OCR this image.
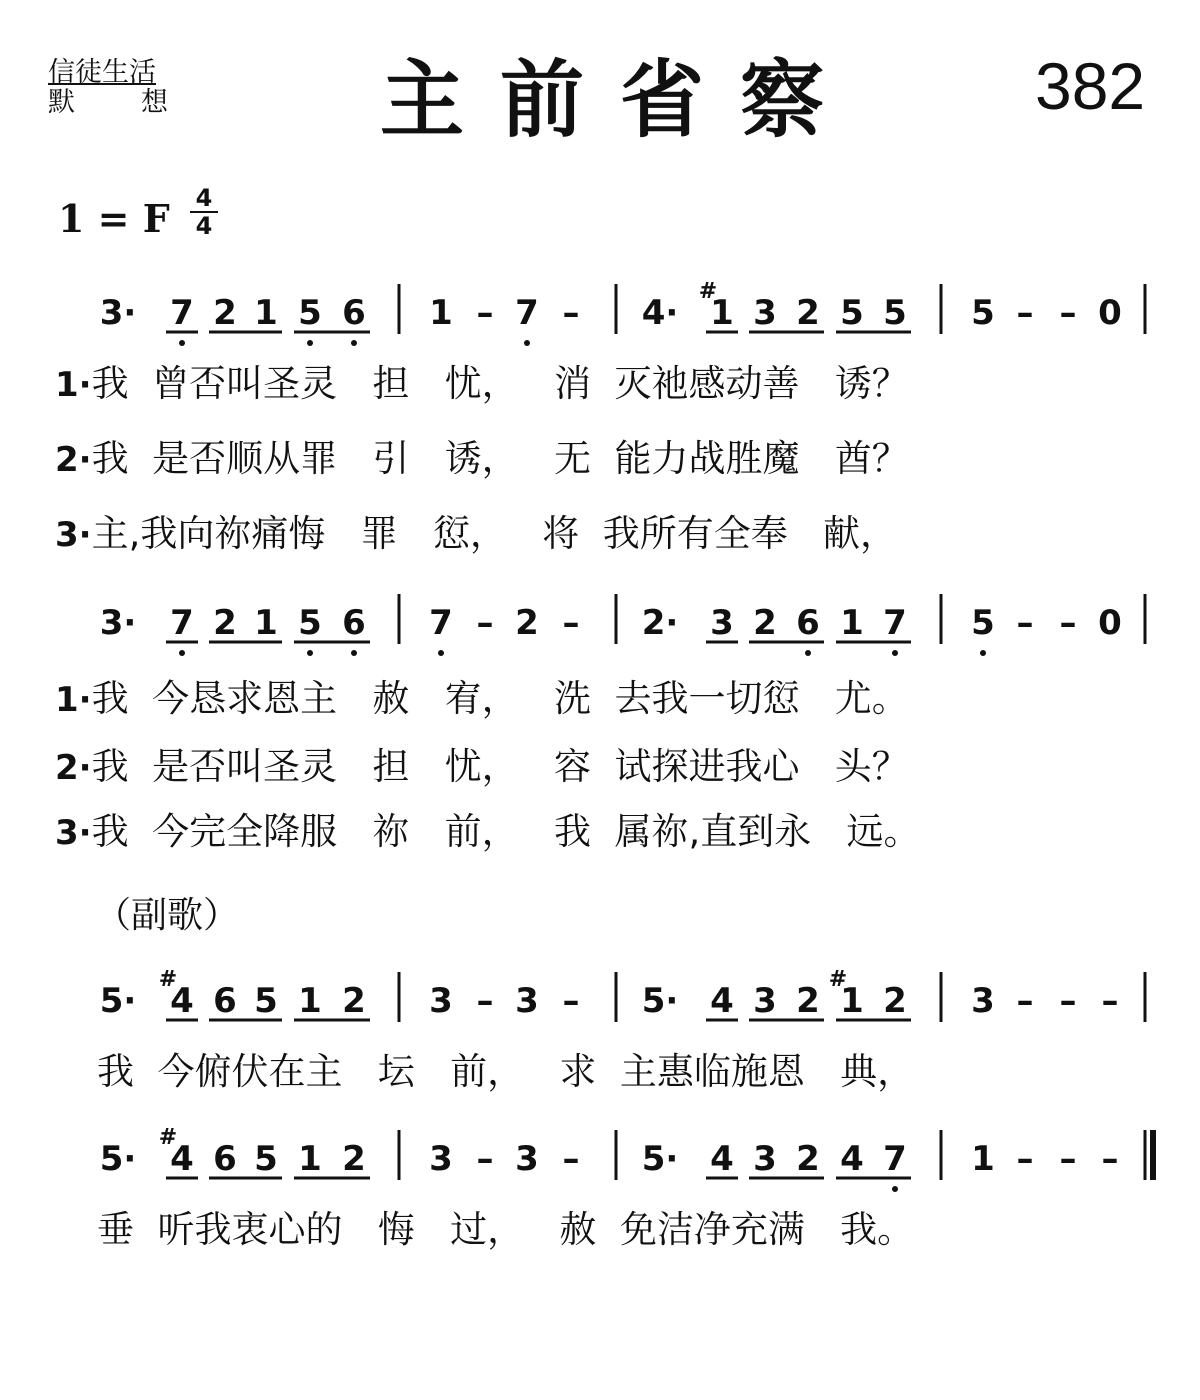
信徒生活
默　想	主前省察	382
1 = F 4
4
3· 7 2 1 5 6 1 – 7 – 4· 1
#
3 2 5 5 5 – – 0
3· 7 2 1 5 6 7 – 2 – 2· 3 2 6 1 7 5 – – 0
5· 4
#
6 5 1 2 3 – 3 – 5· 4 3 2 1
#
2 3 – – –
5· 4
#
6 5 1 2 3 – 3 – 5· 4 3 2 4 7 1 – – –
1·我  曾否叫圣灵   担   忧，   消  灭祂感动善   诱？
2·我  是否顺从罪   引   诱，   无  能力战胜魔   酋？
3·主,我向祢痛悔   罪   愆，   将  我所有全奉   献，
1·我  今恳求恩主   赦   宥，   洗  去我一切愆   尤。
2·我  是否叫圣灵   担   忧，   容  试探进我心   头？
3·我  今完全降服   祢   前，   我  属祢,直到永   远。
（副歌）
我  今俯伏在主   坛   前，   求  主惠临施恩   典，
垂  听我衷心的   悔   过，   赦  免洁净充满   我。
